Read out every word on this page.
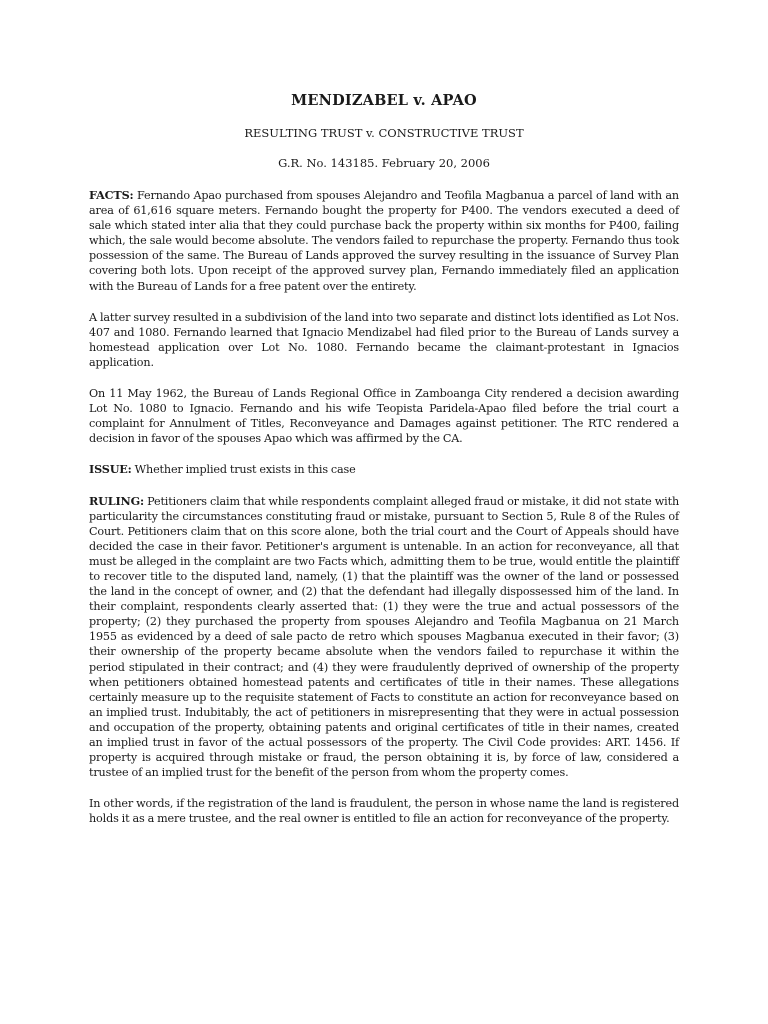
MENDIZABEL v. APAO
RESULTING TRUST v. CONSTRUCTIVE TRUST
G.R. No. 143185. February 20, 2006

FACTS: Fernando Apao purchased from spouses Alejandro and Teofila Magbanua a parcel of land with an area of 61,616 square meters. Fernando bought the property for P400. The vendors executed a deed of sale which stated inter alia that they could purchase back the property within six months for P400, failing which, the sale would become absolute. The vendors failed to repurchase the property. Fernando thus took possession of the same. The Bureau of Lands approved the survey resulting in the issuance of Survey Plan covering both lots. Upon receipt of the approved survey plan, Fernando immediately filed an application with the Bureau of Lands for a free patent over the entirety.

A latter survey resulted in a subdivision of the land into two separate and distinct lots identified as Lot Nos. 407 and 1080. Fernando learned that Ignacio Mendizabel had filed prior to the Bureau of Lands survey a homestead application over Lot No. 1080. Fernando became the claimant-protestant in Ignacios application.

On 11 May 1962, the Bureau of Lands Regional Office in Zamboanga City rendered a decision awarding Lot No. 1080 to Ignacio. Fernando and his wife Teopista Paridela-Apao filed before the trial court a complaint for Annulment of Titles, Reconveyance and Damages against petitioner. The RTC rendered a decision in favor of the spouses Apao which was affirmed by the CA.

ISSUE: Whether implied trust exists in this case

RULING: Petitioners claim that while respondents complaint alleged fraud or mistake, it did not state with particularity the circumstances constituting fraud or mistake, pursuant to Section 5, Rule 8 of the Rules of Court. Petitioners claim that on this score alone, both the trial court and the Court of Appeals should have decided the case in their favor. Petitioner's argument is untenable. In an action for reconveyance, all that must be alleged in the complaint are two Facts which, admitting them to be true, would entitle the plaintiff to recover title to the disputed land, namely, (1) that the plaintiff was the owner of the land or possessed the land in the concept of owner, and (2) that the defendant had illegally dispossessed him of the land. In their complaint, respondents clearly asserted that: (1) they were the true and actual possessors of the property; (2) they purchased the property from spouses Alejandro and Teofila Magbanua on 21 March 1955 as evidenced by a deed of sale pacto de retro which spouses Magbanua executed in their favor; (3) their ownership of the property became absolute when the vendors failed to repurchase it within the period stipulated in their contract; and (4) they were fraudulently deprived of ownership of the property when petitioners obtained homestead patents and certificates of title in their names. These allegations certainly measure up to the requisite statement of Facts to constitute an action for reconveyance based on an implied trust. Indubitably, the act of petitioners in misrepresenting that they were in actual possession and occupation of the property, obtaining patents and original certificates of title in their names, created an implied trust in favor of the actual possessors of the property. The Civil Code provides: ART. 1456. If property is acquired through mistake or fraud, the person obtaining it is, by force of law, considered a trustee of an implied trust for the benefit of the person from whom the property comes.

In other words, if the registration of the land is fraudulent, the person in whose name the land is registered holds it as a mere trustee, and the real owner is entitled to file an action for reconveyance of the property.
